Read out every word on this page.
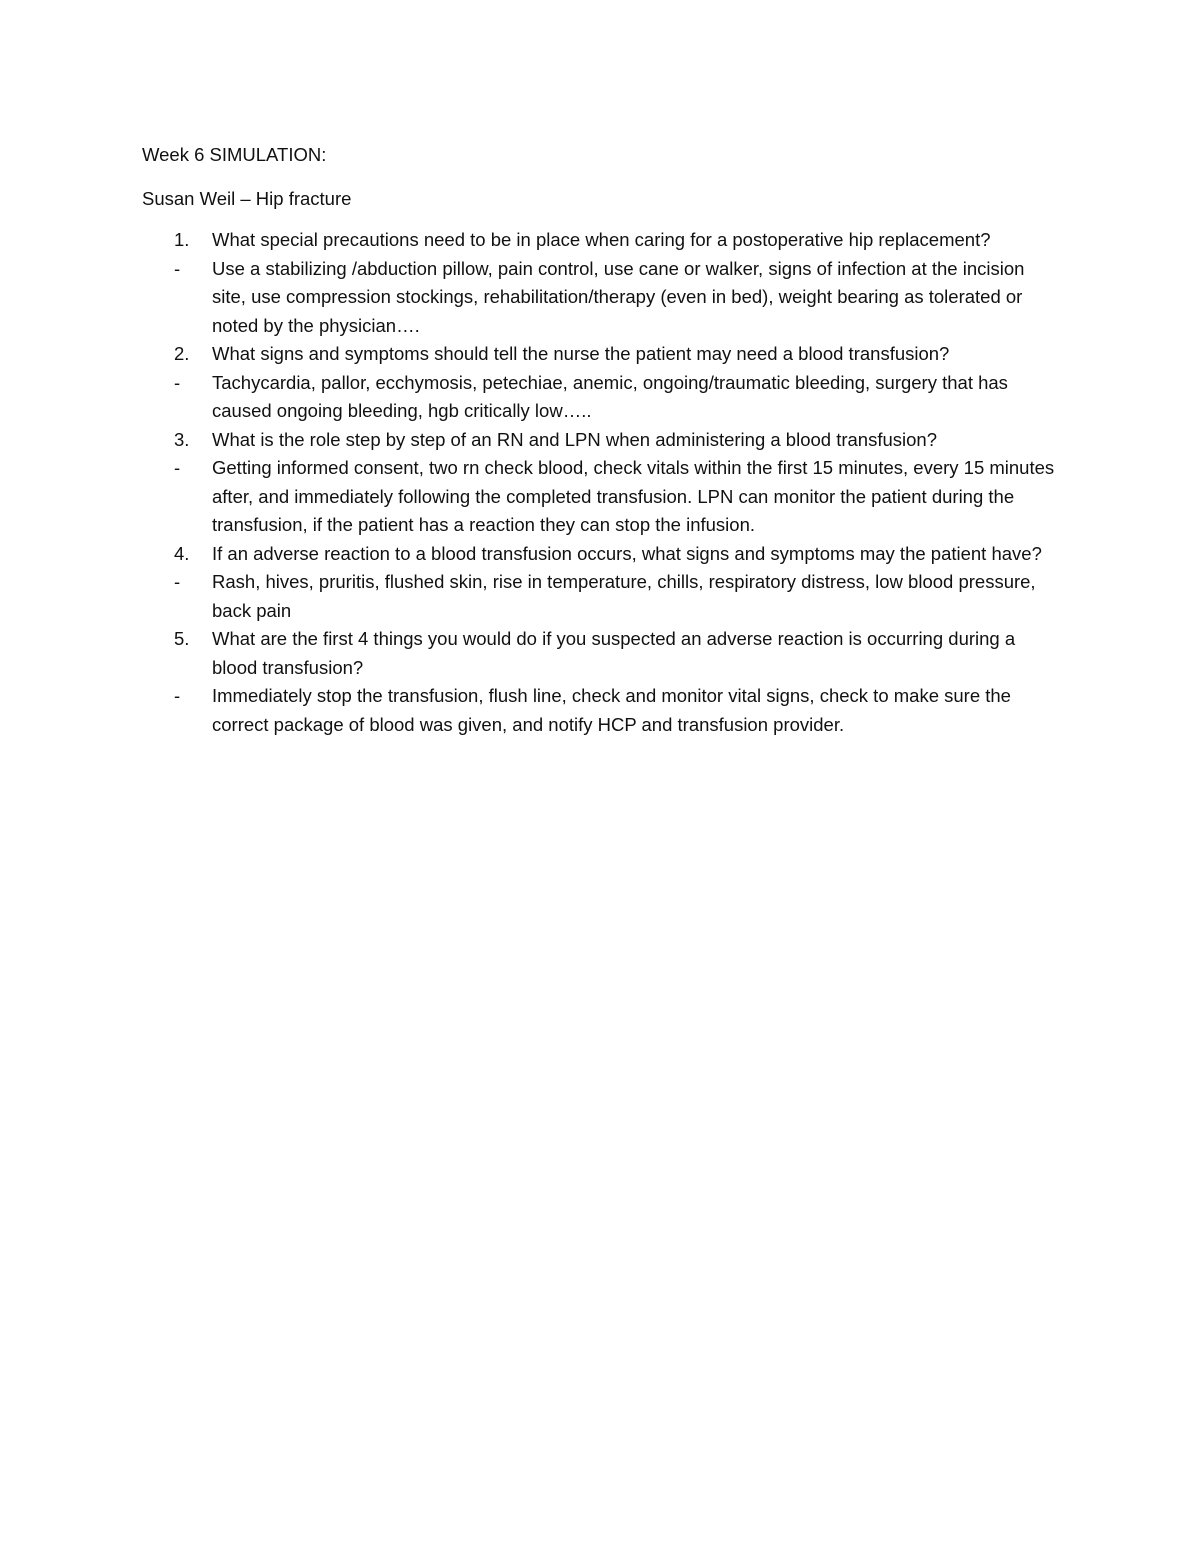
Week 6 SIMULATION:

Susan Weil – Hip fracture

1. What special precautions need to be in place when caring for a postoperative hip replacement?
- Use a stabilizing /abduction pillow, pain control, use cane or walker, signs of infection at the incision site, use compression stockings, rehabilitation/therapy (even in bed), weight bearing as tolerated or noted by the physician….
2. What signs and symptoms should tell the nurse the patient may need a blood transfusion?
- Tachycardia, pallor, ecchymosis, petechiae, anemic, ongoing/traumatic bleeding, surgery that has caused ongoing bleeding, hgb critically low…..
3. What is the role step by step of an RN and LPN when administering a blood transfusion?
- Getting informed consent, two rn check blood, check vitals within the first 15 minutes, every 15 minutes after, and immediately following the completed transfusion. LPN can monitor the patient during the transfusion, if the patient has a reaction they can stop the infusion.
4. If an adverse reaction to a blood transfusion occurs, what signs and symptoms may the patient have?
- Rash, hives, pruritis, flushed skin, rise in temperature, chills, respiratory distress, low blood pressure, back pain
5. What are the first 4 things you would do if you suspected an adverse reaction is occurring during a blood transfusion?
- Immediately stop the transfusion, flush line, check and monitor vital signs, check to make sure the correct package of blood was given, and notify HCP and transfusion provider.
